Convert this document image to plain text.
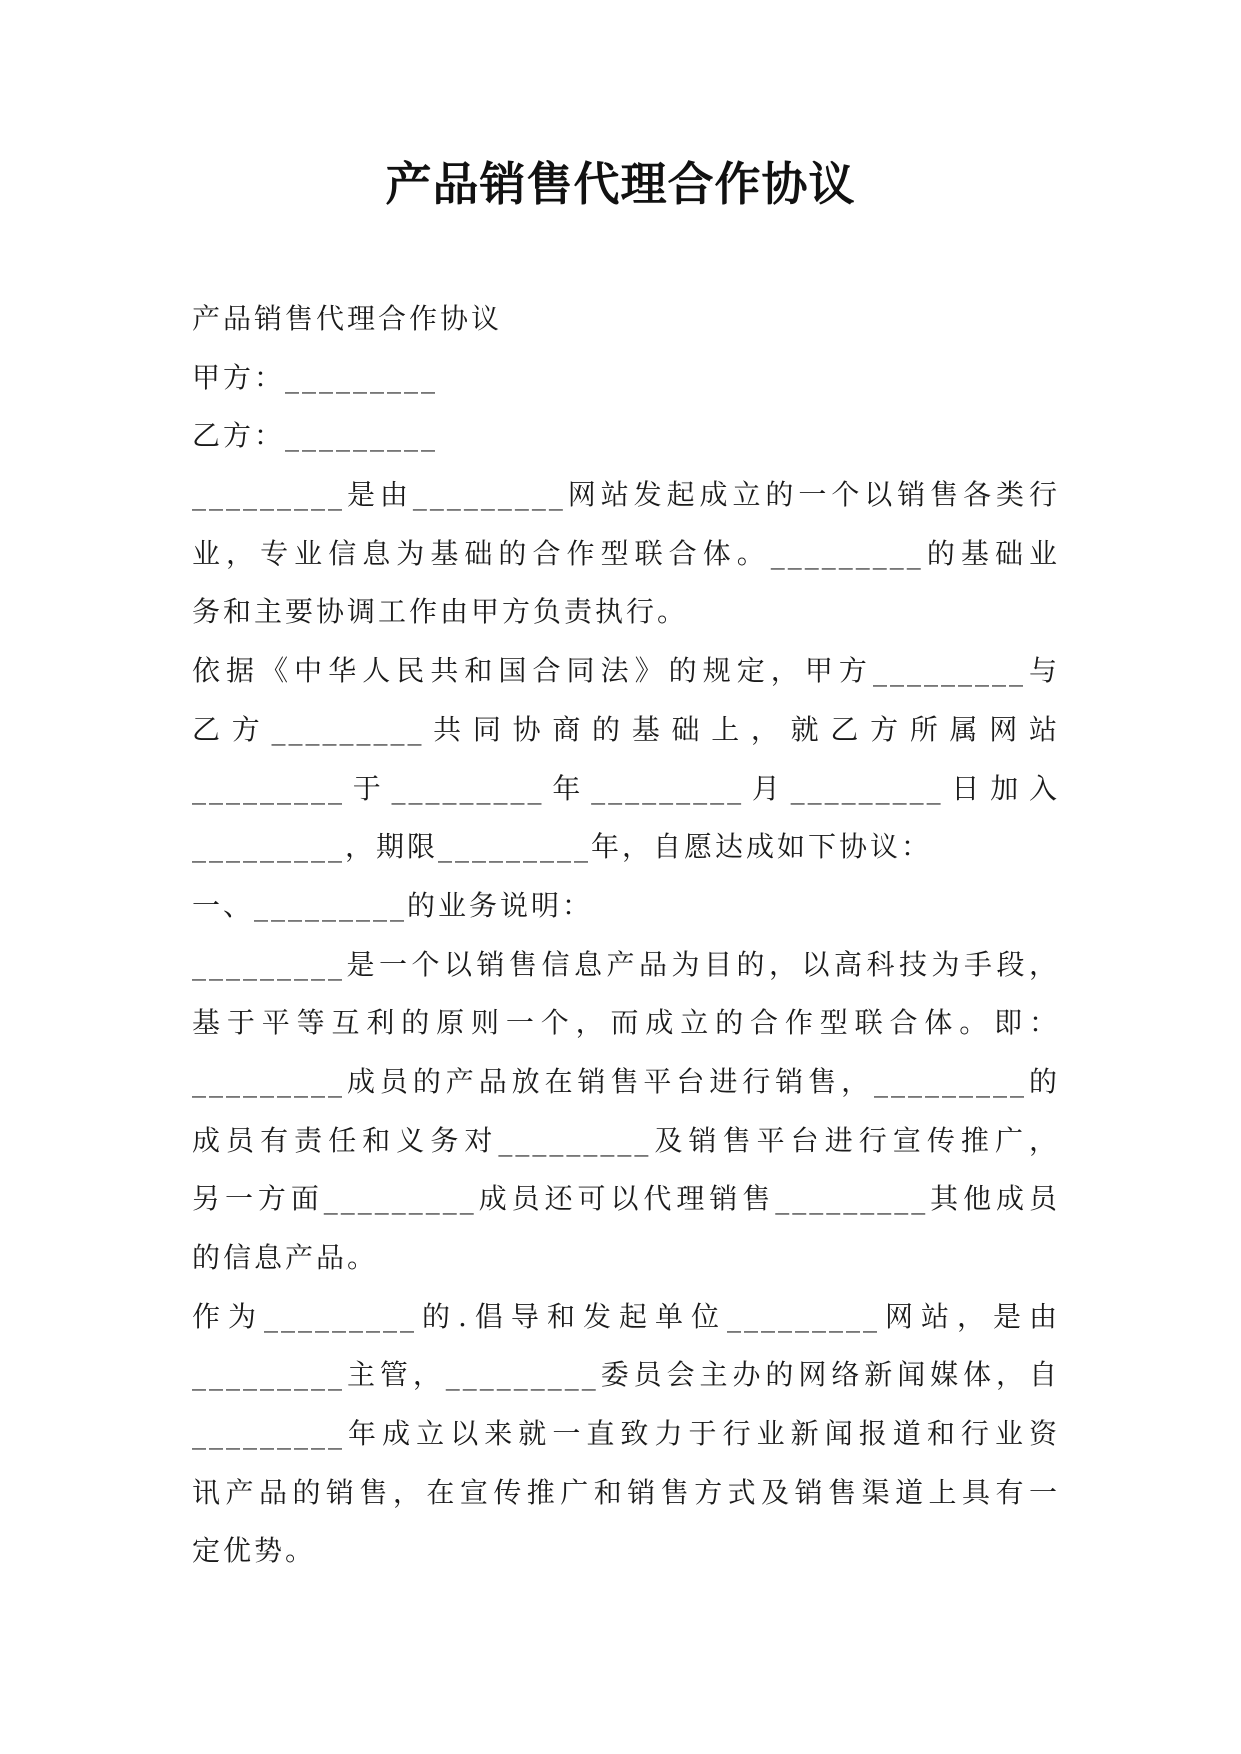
产品销售代理合作协议
产品销售代理合作协议
甲方：_________
乙方：_________
_________是由_________网站发起成立的一个以销售各类行
业，专业信息为基础的合作型联合体。_________的基础业
务和主要协调工作由甲方负责执行。
依据《中华人民共和国合同法》的规定，甲方_________与
乙方_________共同协商的基础上，就乙方所属网站
_________于_________年_________月_________日加入
_________，期限_________年，自愿达成如下协议：
一、_________的业务说明：
_________是一个以销售信息产品为目的，以高科技为手段，
基于平等互利的原则一个，而成立的合作型联合体。即：
_________成员的产品放在销售平台进行销售，_________的
成员有责任和义务对_________及销售平台进行宣传推广，
另一方面_________成员还可以代理销售_________其他成员
的信息产品。
作为_________的.倡导和发起单位_________网站，是由
_________主管，_________委员会主办的网络新闻媒体，自
_________年成立以来就一直致力于行业新闻报道和行业资
讯产品的销售，在宣传推广和销售方式及销售渠道上具有一
定优势。
